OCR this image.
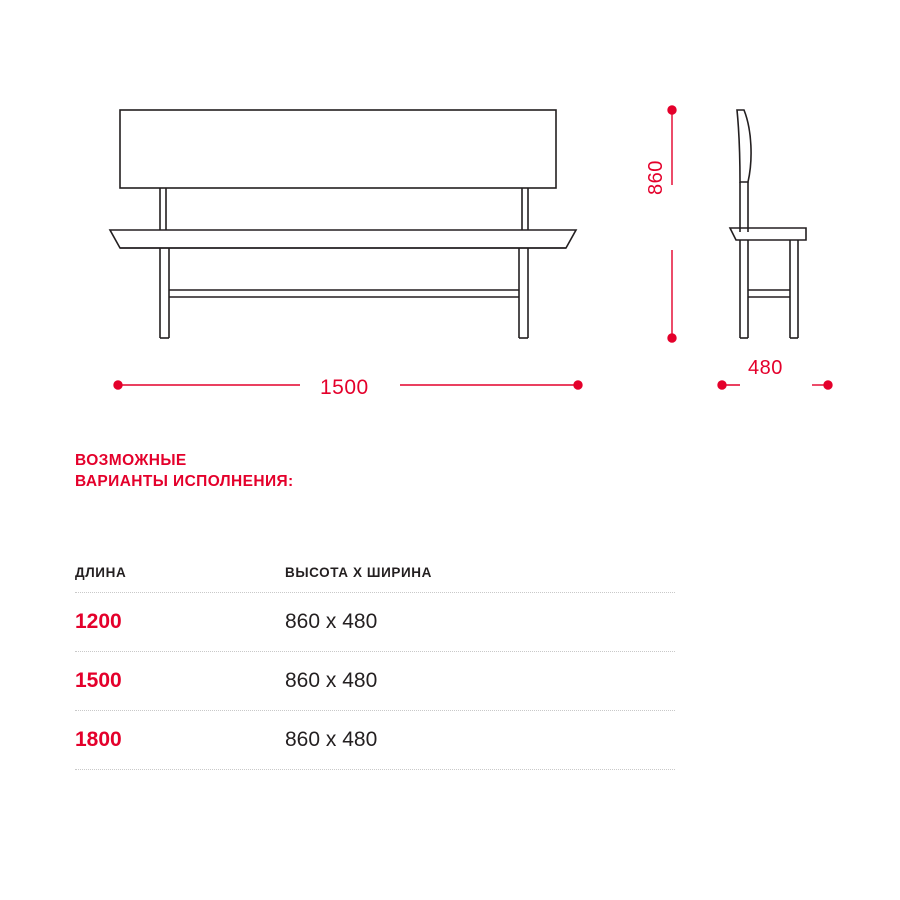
1500
860
480
ВОЗМОЖНЫЕ
ВАРИАНТЫ ИСПОЛНЕНИЯ:
ДЛИНА	ВЫСОТА Х ШИРИНА
1200	860 х 480
1500	860 х 480
1800	860 х 480
